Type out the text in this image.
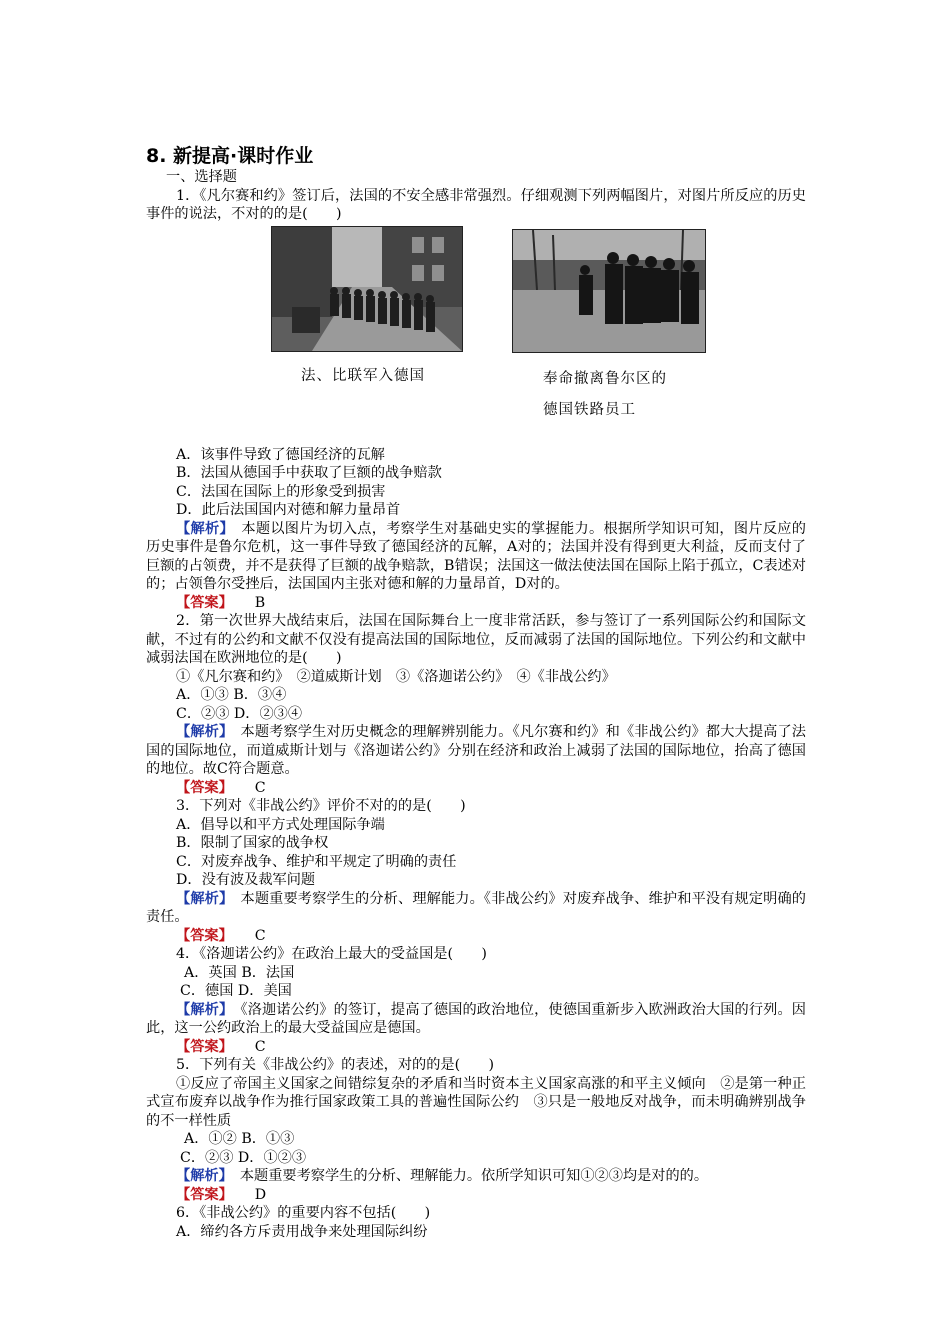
8. 新提高·课时作业
一、选择题
1．《凡尔赛和约》签订后，法国的不安全感非常强烈。仔细观测下列两幅图片，对图片所反应的历史事件的说法，不对的的是(　　)
法、比联军入德国	奉命撤离鲁尔区的
德国铁路员工
A．该事件导致了德国经济的瓦解
B．法国从德国手中获取了巨额的战争赔款
C．法国在国际上的形象受到损害
D．此后法国国内对德和解力量昂首
【解析】　 本题以图片为切入点，考察学生对基础史实的掌握能力。根据所学知识可知，图片反应的历史事件是鲁尔危机，这一事件导致了德国经济的瓦解，A对的；法国并没有得到更大利益，反而支付了巨额的占领费，并不是获得了巨额的战争赔款，B错误；法国这一做法使法国在国际上陷于孤立，C表述对的；占领鲁尔受挫后，法国国内主张对德和解的力量昂首，D对的。
【答案】 B
2．第一次世界大战结束后，法国在国际舞台上一度非常活跃，参与签订了一系列国际公约和国际文献，不过有的公约和文献不仅没有提高法国的国际地位，反而减弱了法国的国际地位。下列公约和文献中减弱法国在欧洲地位的是(　　)
①《凡尔赛和约》　②道威斯计划　③《洛迦诺公约》　④《非战公约》
A．①③ B．③④
C．②③ D．②③④
【解析】　 本题考察学生对历史概念的理解辨别能力。《凡尔赛和约》和《非战公约》都大大提高了法国的国际地位，而道威斯计划与《洛迦诺公约》分别在经济和政治上减弱了法国的国际地位，抬高了德国的地位。故C符合题意。
【答案】 C
3．下列对《非战公约》评价不对的的是(　　)
A．倡导以和平方式处理国际争端
B．限制了国家的战争权
C．对废弃战争、维护和平规定了明确的责任
D．没有波及裁军问题
【解析】　 本题重要考察学生的分析、理解能力。《非战公约》对废弃战争、维护和平没有规定明确的责任。
【答案】 C
4．《洛迦诺公约》在政治上最大的受益国是(　　)
A．英国 B．法国
C．德国 D．美国
【解析】　 《洛迦诺公约》的签订，提高了德国的政治地位，使德国重新步入欧洲政治大国的行列。因此，这一公约政治上的最大受益国应是德国。
【答案】 C
5．下列有关《非战公约》的表述，对的的是(　　)
①反应了帝国主义国家之间错综复杂的矛盾和当时资本主义国家高涨的和平主义倾向　②是第一种正式宣布废弃以战争作为推行国家政策工具的普遍性国际公约　③只是一般地反对战争，而未明确辨别战争的不一样性质
A．①② B．①③
C．②③ D．①②③
【解析】　 本题重要考察学生的分析、理解能力。依所学知识可知①②③均是对的的。
【答案】 D
6．《非战公约》的重要内容不包括(　　)
A．缔约各方斥责用战争来处理国际纠纷
